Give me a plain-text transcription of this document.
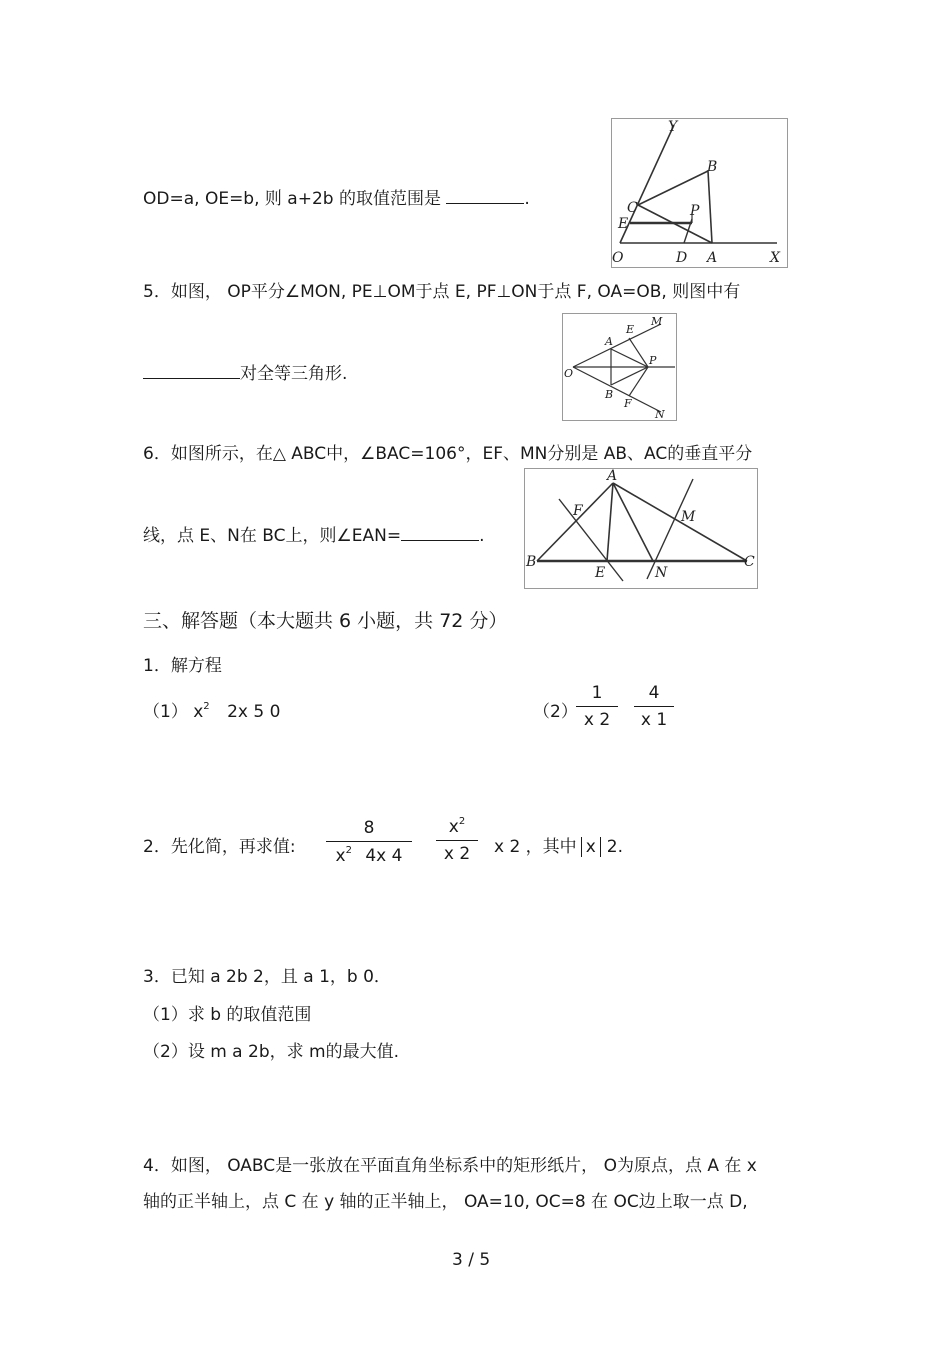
OD=a, OE=b, 则 a+2b 的取值范围是	.
Y
B
C	P
E
O	D A	X
5．如图， OP平分∠MON, PE⊥OM于点 E, PF⊥ON于点 F, OA=OB, 则图中有
对全等三角形.
M
E
A
P
O
B
F
N
6．如图所示，在△ ABC中，∠BAC=106°，EF、MN分别是 AB、AC的垂直平分
线，点 E、N在 BC上，则∠EAN=	.
A
F	M
B
E	N
C
三、解答题（本大题共 6 小题，共 72 分）
1．解方程
（1） $x^2$ 2x 5 0	（2）
1
x 2
4
x 1
2．先化简，再求值:
8
$x^2$ 4x 4
$x^2$
x 2	x 2 ，其中 x 2.
3．已知 a 2b 2，且 a 1，b 0．
（1）求 b 的取值范围
（2）设 m a 2b，求 m的最大值.
4．如图， OABC是一张放在平面直角坐标系中的矩形纸片， O为原点，点 A 在 x
轴的正半轴上，点 C 在 y 轴的正半轴上， OA=10, OC=8 在 OC边上取一点 D,
3 / 5
